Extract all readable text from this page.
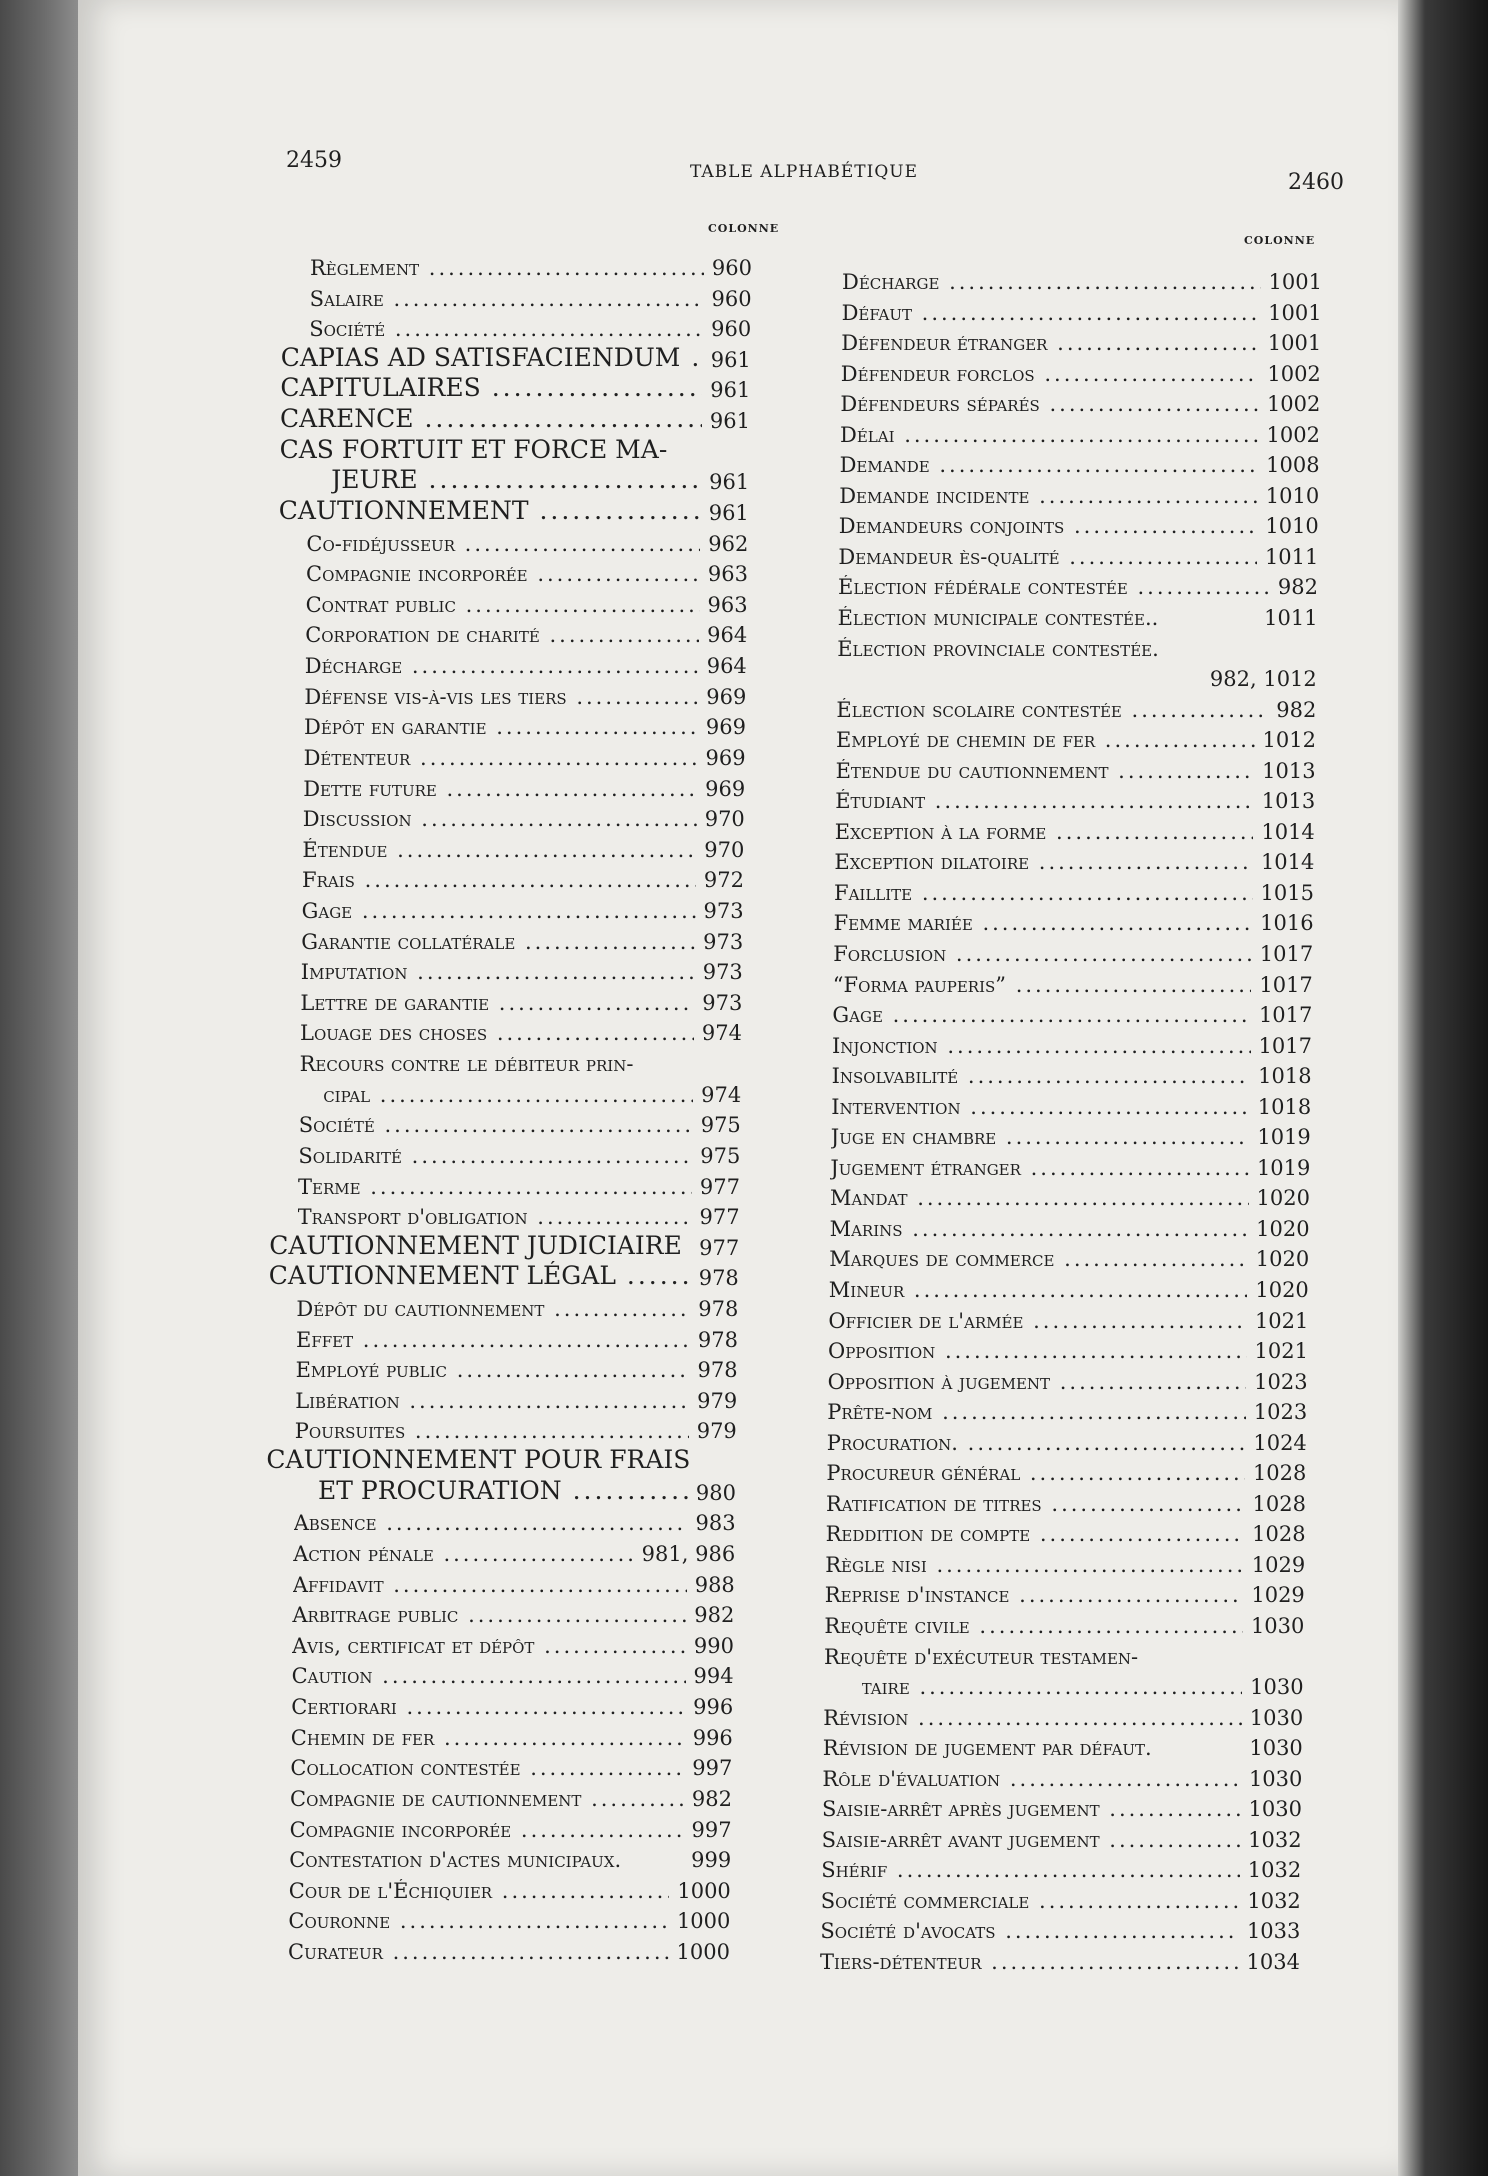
2459	TABLE ALPHABÉTIQUE	2460
COLONNE
COLONNE
Règlement .....	960
Salaire .....	960
Société .....	960
CAPIAS AD SATISFACIENDUM .....	961
CAPITULAIRES .....	961
CARENCE .....	961
CAS FORTUIT ET FORCE MA-
JEURE .....	961
CAUTIONNEMENT .....	961
Co-fidéjusseur .....	962
Compagnie incorporée .....	963
Contrat public .....	963
Corporation de charité .....	964
Décharge .....	964
Défense vis-à-vis les tiers .....	969
Dépôt en garantie .....	969
Détenteur .....	969
Dette future .....	969
Discussion .....	970
Étendue .....	970
Frais .....	972
Gage .....	973
Garantie collatérale .....	973
Imputation .....	973
Lettre de garantie .....	973
Louage des choses .....	974
Recours contre le débiteur prin-
cipal .....	974
Société .....	975
Solidarité .....	975
Terme .....	977
Transport d'obligation .....	977
CAUTIONNEMENT JUDICIAIRE 977
CAUTIONNEMENT LÉGAL .....	978
Dépôt du cautionnement .....	978
Effet .....	978
Employé public .....	978
Libération .....	979
Poursuites .....	979
CAUTIONNEMENT POUR FRAIS
ET PROCURATION .....	980
Absence .....	983
Action pénale .....	981, 986
Affidavit .....	988
Arbitrage public .....	982
Avis, certificat et dépôt .....	990
Caution .....	994
Certiorari .....	996
Chemin de fer .....	996
Collocation contestée .....	997
Compagnie de cautionnement .....	982
Compagnie incorporée .....	997
Contestation d'actes municipaux.	999
Cour de l'Échiquier .....	1000
Couronne .....	1000
Curateur .....	1000
Décharge .....	1001
Défaut .....	1001
Défendeur étranger .....	1001
Défendeur forclos .....	1002
Défendeurs séparés .....	1002
Délai .....	1002
Demande .....	1008
Demande incidente .....	1010
Demandeurs conjoints .....	1010
Demandeur ès-qualité .....	1011
Élection fédérale contestée .....	982
Élection municipale contestée..	1011
Élection provinciale contestée.
982, 1012
Élection scolaire contestée .....	982
Employé de chemin de fer .....	1012
Étendue du cautionnement .....	1013
Étudiant .....	1013
Exception à la forme .....	1014
Exception dilatoire .....	1014
Faillite .....	1015
Femme mariée .....	1016
Forclusion .....	1017
“Forma pauperis” .....	1017
Gage .....	1017
Injonction .....	1017
Insolvabilité .....	1018
Intervention .....	1018
Juge en chambre .....	1019
Jugement étranger .....	1019
Mandat .....	1020
Marins .....	1020
Marques de commerce .....	1020
Mineur .....	1020
Officier de l'armée .....	1021
Opposition .....	1021
Opposition à jugement .....	1023
Prête-nom .....	1023
Procuration. .....	1024
Procureur général .....	1028
Ratification de titres .....	1028
Reddition de compte .....	1028
Règle nisi .....	1029
Reprise d'instance .....	1029
Requête civile .....	1030
Requête d'exécuteur testamen-
taire .....	1030
Révision .....	1030
Révision de jugement par défaut.	1030
Rôle d'évaluation .....	1030
Saisie-arrêt après jugement .....	1030
Saisie-arrêt avant jugement .....	1032
Shérif .....	1032
Société commerciale .....	1032
Société d'avocats .....	1033
Tiers-détenteur .....	1034
